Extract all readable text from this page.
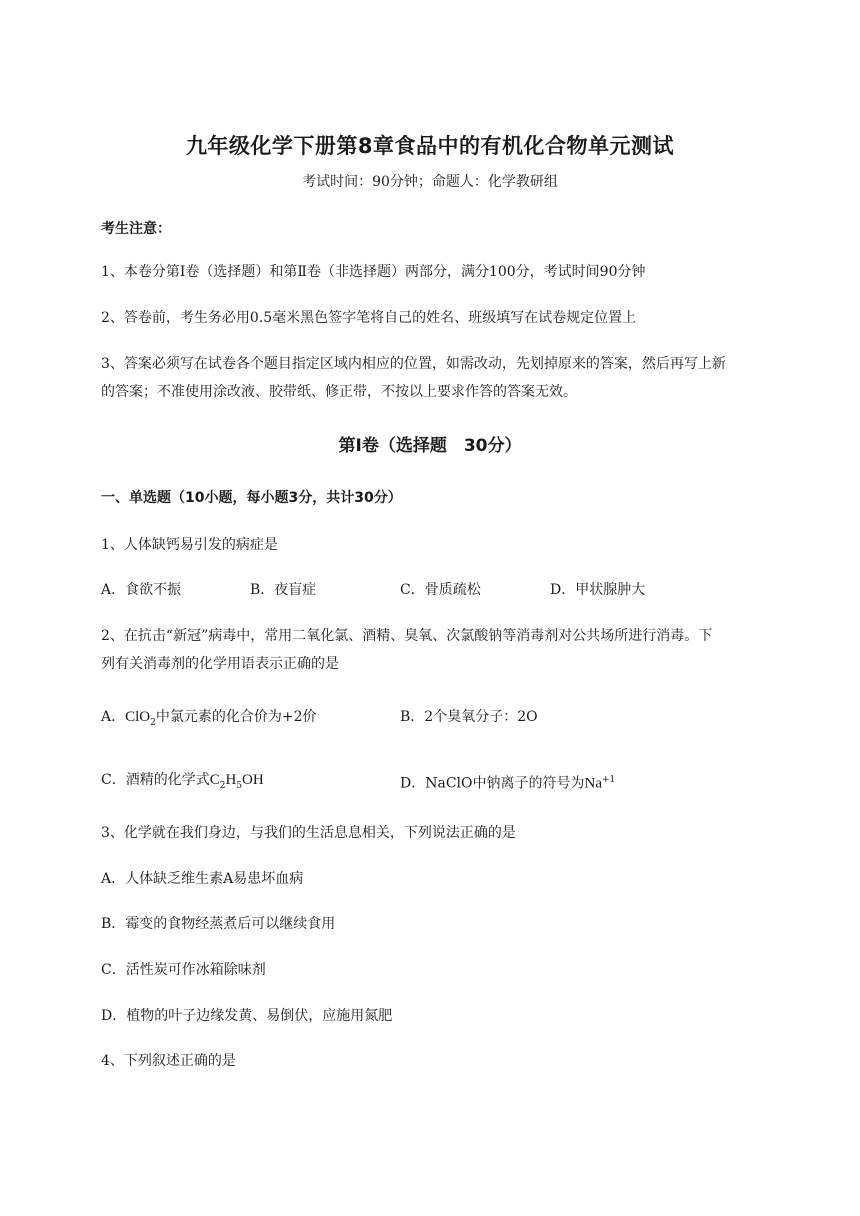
九年级化学下册第8章食品中的有机化合物单元测试
考试时间：90分钟；命题人：化学教研组
考生注意：
1、本卷分第Ⅰ卷（选择题）和第Ⅱ卷（非选择题）两部分，满分100分，考试时间90分钟
2、答卷前，考生务必用0.5毫米黑色签字笔将自己的姓名、班级填写在试卷规定位置上
3、答案必须写在试卷各个题目指定区域内相应的位置，如需改动，先划掉原来的答案，然后再写上新
的答案；不准使用涂改液、胶带纸、修正带，不按以上要求作答的答案无效。
第Ⅰ卷（选择题　30分）
一、单选题（10小题，每小题3分，共计30分）
1、人体缺钙易引发的病症是
A．食欲不振	B．夜盲症	C．骨质疏松	D．甲状腺肿大
2、在抗击“新冠”病毒中，常用二氧化氯、酒精、臭氧、次氯酸钠等消毒剂对公共场所进行消毒。下
列有关消毒剂的化学用语表示正确的是
A．ClO$_2$中氯元素的化合价为+2价	B．2个臭氧分子：2O
C．酒精的化学式$C_2H_5OH$	D．NaClO中钠离子的符号为$Na^{+1}$
3、化学就在我们身边，与我们的生活息息相关，下列说法正确的是
A．人体缺乏维生素A易患坏血病
B．霉变的食物经蒸煮后可以继续食用
C．活性炭可作冰箱除味剂
D．植物的叶子边缘发黄、易倒伏，应施用氮肥
4、下列叙述正确的是
